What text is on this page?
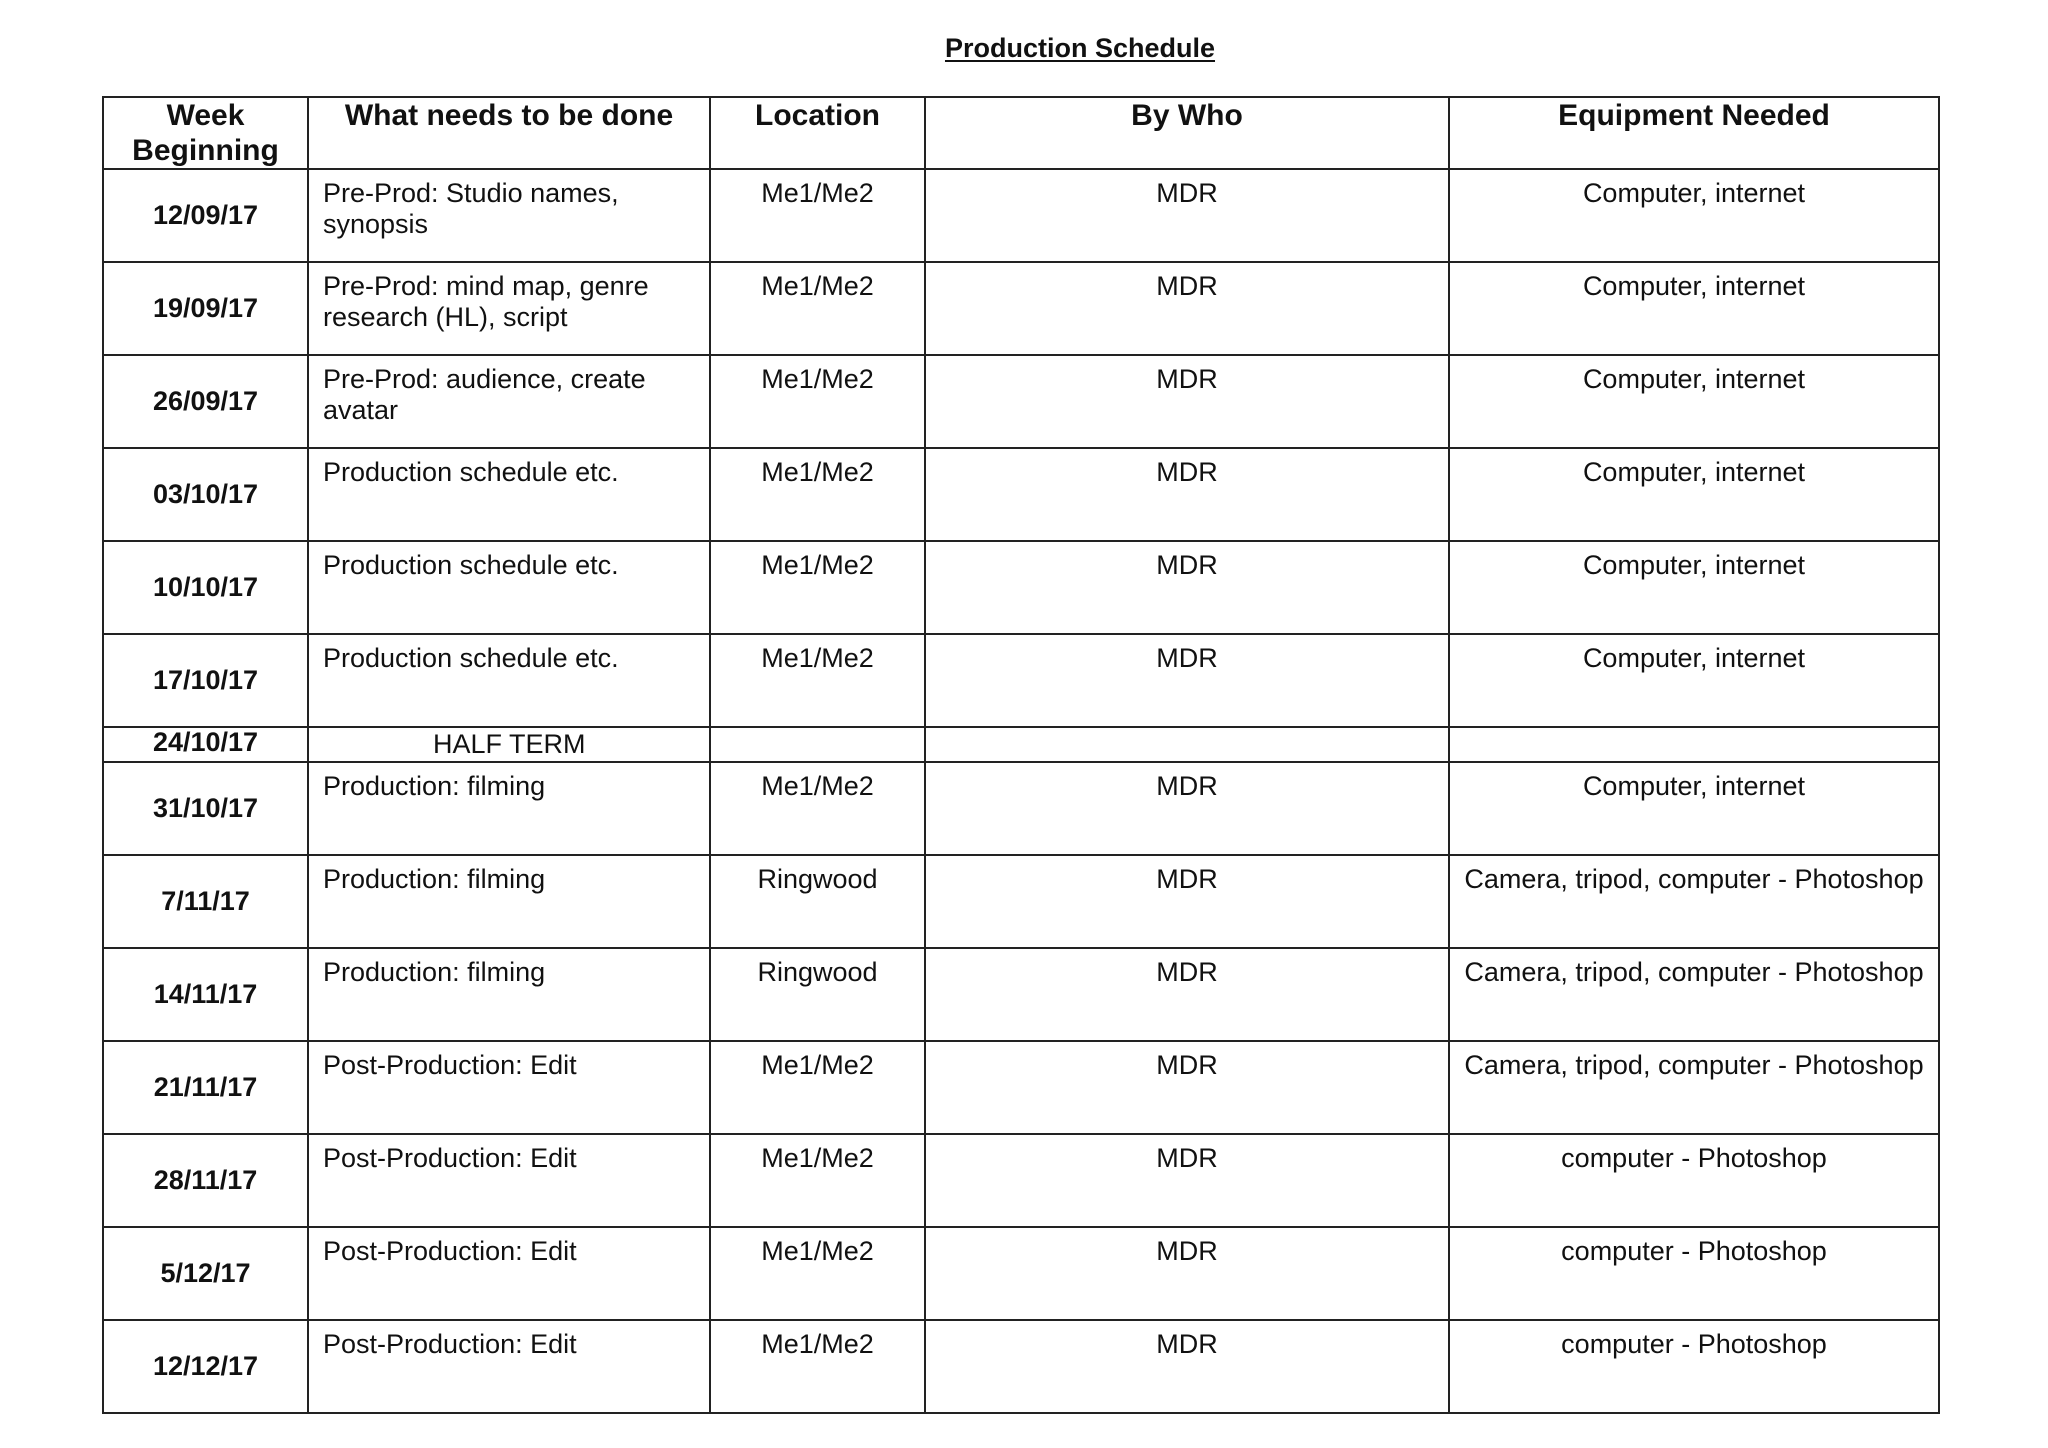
Production Schedule
Week Beginning	What needs to be done	Location	By Who	Equipment Needed
12/09/17	Pre-Prod: Studio names, synopsis	Me1/Me2	MDR	Computer, internet
19/09/17	Pre-Prod: mind map, genre research (HL), script	Me1/Me2	MDR	Computer, internet
26/09/17	Pre-Prod: audience, create avatar	Me1/Me2	MDR	Computer, internet
03/10/17	Production schedule etc.	Me1/Me2	MDR	Computer, internet
10/10/17	Production schedule etc.	Me1/Me2	MDR	Computer, internet
17/10/17	Production schedule etc.	Me1/Me2	MDR	Computer, internet
24/10/17	HALF TERM			
31/10/17	Production: filming	Me1/Me2	MDR	Computer, internet
7/11/17	Production: filming	Ringwood	MDR	Camera, tripod, computer - Photoshop
14/11/17	Production: filming	Ringwood	MDR	Camera, tripod, computer - Photoshop
21/11/17	Post-Production: Edit	Me1/Me2	MDR	Camera, tripod, computer - Photoshop
28/11/17	Post-Production: Edit	Me1/Me2	MDR	computer - Photoshop
5/12/17	Post-Production: Edit	Me1/Me2	MDR	computer - Photoshop
12/12/17	Post-Production: Edit	Me1/Me2	MDR	computer - Photoshop
